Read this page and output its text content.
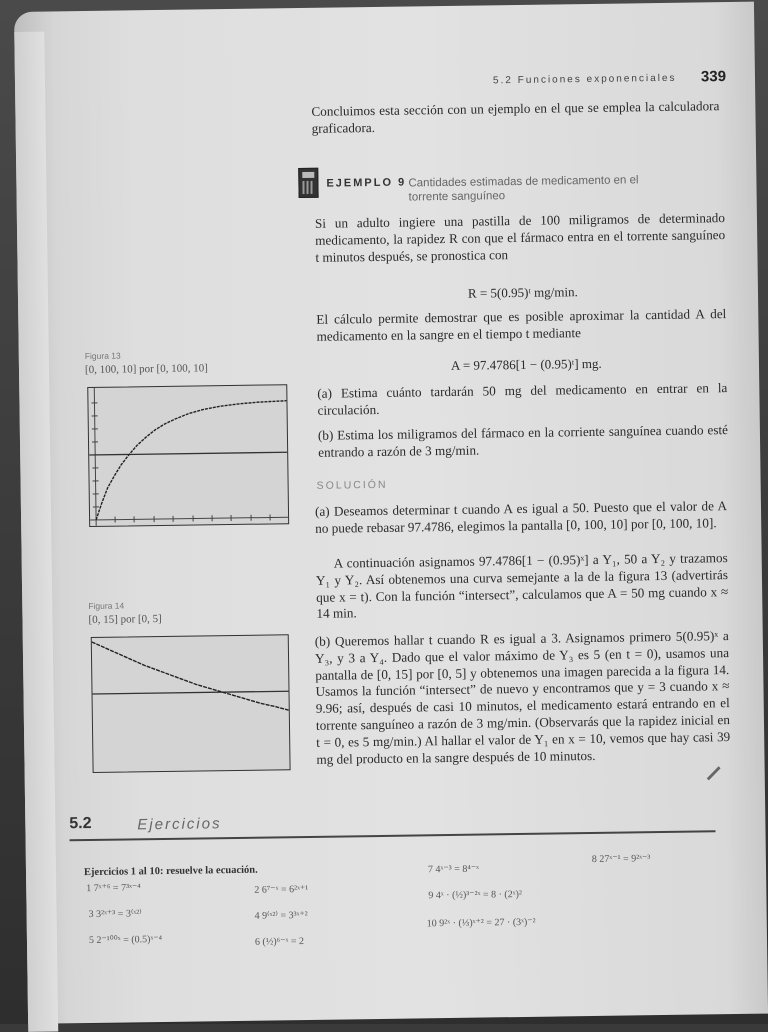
5.2 Funciones exponenciales 339
Concluimos esta sección con un ejemplo en el que se emplea la calculadora graficadora.
EJEMPLO 9 Cantidades estimadas de medicamento en el torrente sanguíneo
Si un adulto ingiere una pastilla de 100 miligramos de determinado medicamento, la rapidez R con que el fármaco entra en el torrente sanguíneo t minutos después, se pronostica con
R = 5(0.95)ᵗ mg/min.
El cálculo permite demostrar que es posible aproximar la cantidad A del medicamento en la sangre en el tiempo t mediante
A = 97.4786[1 − (0.95)ᵗ] mg.
(a) Estima cuánto tardarán 50 mg del medicamento en entrar en la circulación.
(b) Estima los miligramos del fármaco en la corriente sanguínea cuando esté entrando a razón de 3 mg/min.
SOLUCIÓN
(a) Deseamos determinar t cuando A es igual a 50. Puesto que el valor de A no puede rebasar 97.4786, elegimos la pantalla [0, 100, 10] por [0, 100, 10].
A continuación asignamos 97.4786[1 − (0.95)ˣ] a Y₁, 50 a Y₂ y trazamos Y₁ y Y₂. Así obtenemos una curva semejante a la de la figura 13 (advertirás que x = t). Con la función “intersect”, calculamos que A = 50 mg cuando x ≈ 14 min.
(b) Queremos hallar t cuando R es igual a 3. Asignamos primero 5(0.95)ˣ a Y₃, y 3 a Y₄. Dado que el valor máximo de Y₃ es 5 (en t = 0), usamos una pantalla de [0, 15] por [0, 5] y obtenemos una imagen parecida a la figura 14. Usamos la función “intersect” de nuevo y encontramos que y = 3 cuando x ≈ 9.96; así, después de casi 10 minutos, el medicamento estará entrando en el torrente sanguíneo a razón de 3 mg/min. (Observarás que la rapidez inicial en t = 0, es 5 mg/min.) Al hallar el valor de Y₁ en x = 10, vemos que hay casi 39 mg del producto en la sangre después de 10 minutos.
Figura 13
[0, 100, 10] por [0, 100, 10]
Figura 14
[0, 15] por [0, 5]
5.2	Ejercicios
Ejercicios 1 al 10: resuelve la ecuación.
1 7ˣ⁺⁶ = 7³ˣ⁻⁴	2 6⁷⁻ˣ = 6²ˣ⁺¹
3 3²ˣ⁺³ = 3⁽ˣ²⁾	4 9⁽ˣ²⁾ = 3³ˣ⁺²
5 2⁻¹⁰⁰ˣ = (0.5)ˣ⁻⁴	6 (½)⁶⁻ˣ = 2
7 4ˣ⁻³ = 8⁴⁻ˣ
8 27ˣ⁻¹ = 9²ˣ⁻³
9 4ˣ · (½)³⁻²ˣ = 8 · (2ˣ)²
10 9²ˣ · (⅓)ˣ⁺² = 27 · (3ˣ)⁻²
